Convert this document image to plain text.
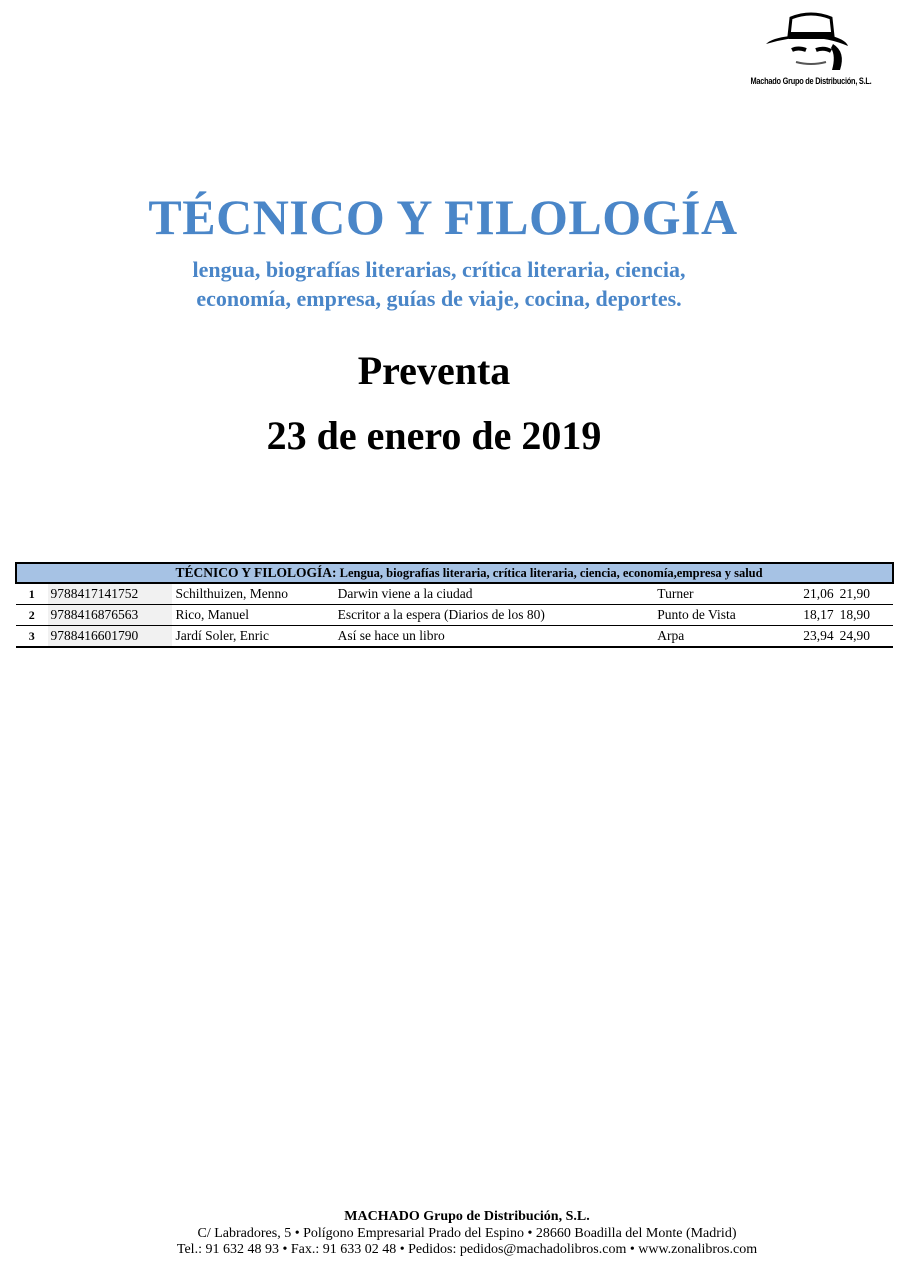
Machado Grupo de Distribución, S.L.
TÉCNICO Y FILOLOGÍA
lengua, biografías literarias, crítica literaria, ciencia,
economía, empresa, guías de viaje, cocina, deportes.
Preventa
23 de enero de 2019
		TÉCNICO Y FILOLOGÍA: Lengua, biografías literaria, crítica literaria, ciencia, economía,empresa y salud				
1	9788417141752	Schilthuizen, Menno	Darwin viene a la ciudad	Turner	21,06	21,90
2	9788416876563	Rico, Manuel	Escritor a la espera (Diarios de los 80)	Punto de Vista	18,17	18,90
3	9788416601790	Jardí Soler, Enric	Así se hace un libro	Arpa	23,94	24,90
MACHADO Grupo de Distribución, S.L.
C/ Labradores, 5 • Polígono Empresarial Prado del Espino • 28660 Boadilla del Monte (Madrid)
Tel.: 91 632 48 93 • Fax.: 91 633 02 48 • Pedidos: pedidos@machadolibros.com • www.zonalibros.com
